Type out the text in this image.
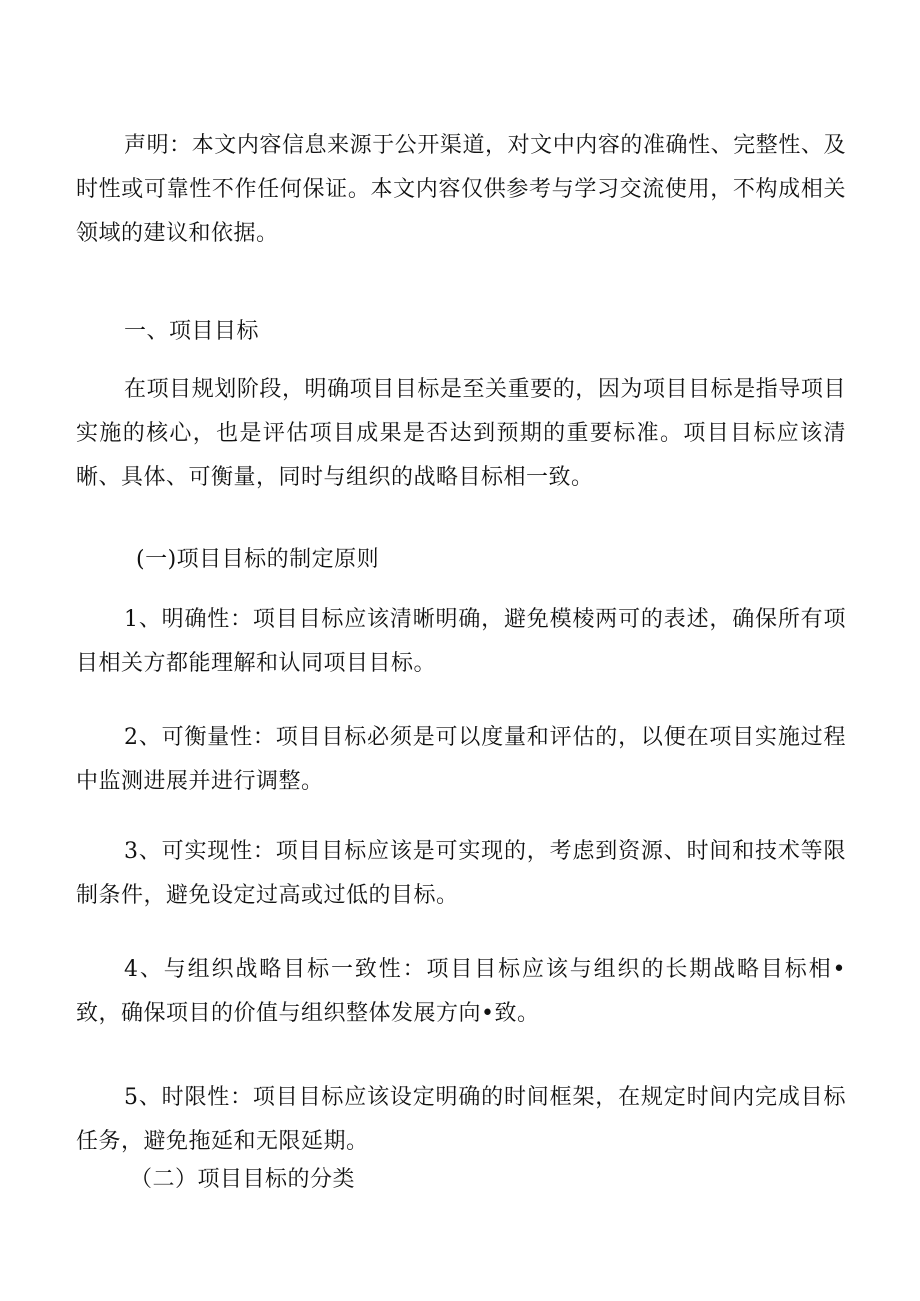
声明：本文内容信息来源于公开渠道，对文中内容的准确性、完整性、及时性或可靠性不作任何保证。本文内容仅供参考与学习交流使用，不构成相关领域的建议和依据。

一、项目目标

在项目规划阶段，明确项目目标是至关重要的，因为项目目标是指导项目实施的核心，也是评估项目成果是否达到预期的重要标准。项目目标应该清晰、具体、可衡量，同时与组织的战略目标相一致。

(一)项目目标的制定原则

1、明确性：项目目标应该清晰明确，避免模棱两可的表述，确保所有项目相关方都能理解和认同项目目标。

2、可衡量性：项目目标必须是可以度量和评估的，以便在项目实施过程中监测进展并进行调整。

3、可实现性：项目目标应该是可实现的，考虑到资源、时间和技术等限制条件，避免设定过高或过低的目标。

4、与组织战略目标一致性：项目目标应该与组织的长期战略目标相•致，确保项目的价值与组织整体发展方向•致。

5、时限性：项目目标应该设定明确的时间框架，在规定时间内完成目标任务，避免拖延和无限延期。

（二）项目目标的分类
